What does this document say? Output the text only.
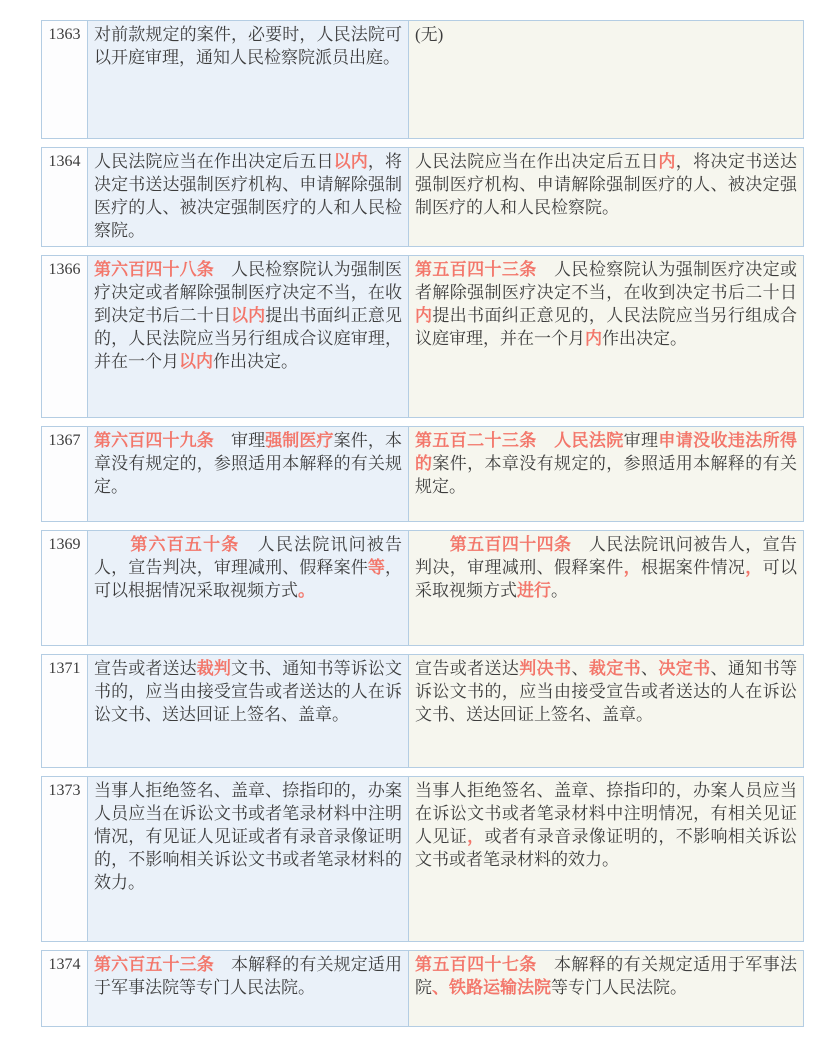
1363 对前款规定的案件，必要时，人民法院可以开庭审理，通知人民检察院派员出庭。
(无)
1364 人民法院应当在作出决定后五日以内，将决定书送达强制医疗机构、申请解除强制医疗的人、被决定强制医疗的人和人民检察院。
人民法院应当在作出决定后五日内，将决定书送达强制医疗机构、申请解除强制医疗的人、被决定强制医疗的人和人民检察院。
1366 第六百四十八条　人民检察院认为强制医疗决定或者解除强制医疗决定不当，在收到决定书后二十日以内提出书面纠正意见的，人民法院应当另行组成合议庭审理，并在一个月以内作出决定。
第五百四十三条　人民检察院认为强制医疗决定或者解除强制医疗决定不当，在收到决定书后二十日内提出书面纠正意见的，人民法院应当另行组成合议庭审理，并在一个月内作出决定。
1367 第六百四十九条　审理强制医疗案件，本章没有规定的，参照适用本解释的有关规定。
第五百二十三条　 人民法院审理申请没收违法所得的案件，本章没有规定的，参照适用本解释的有关规定。
1369
　　	第六百五十条　人民法院讯问被告人，宣告判决，审理减刑、假释案件等，可以根据情况采取视频方式。
　　第五百四十四条　人民法院讯问被告人，宣告判决，审理减刑、假释案件，根据案件情况，可以采取视频方式进行。
1371 宣告或者送达裁判文书、通知书等诉讼文书的，应当由接受宣告或者送达的人在诉讼文书、送达回证上签名、盖章。
宣告或者送达判决书、裁定书、决定书、通知书等诉讼文书的，应当由接受宣告或者送达的人在诉讼文书、送达回证上签名、盖章。
1373 当事人拒绝签名、盖章、捺指印的，办案人员应当在诉讼文书或者笔录材料中注明情况，有见证人见证或者有录音录像证明的，不影响相关诉讼文书或者笔录材料的效力。
当事人拒绝签名、盖章、捺指印的，办案人员应当在诉讼文书或者笔录材料中注明情况，有相关见证人见证，或者有录音录像证明的，不影响相关诉讼文书或者笔录材料的效力。
1374 第六百五十三条　本解释的有关规定适用于军事法院等专门人民法院。
第五百四十七条　本解释的有关规定适用于军事法院、铁路运输法院等专门人民法院。
